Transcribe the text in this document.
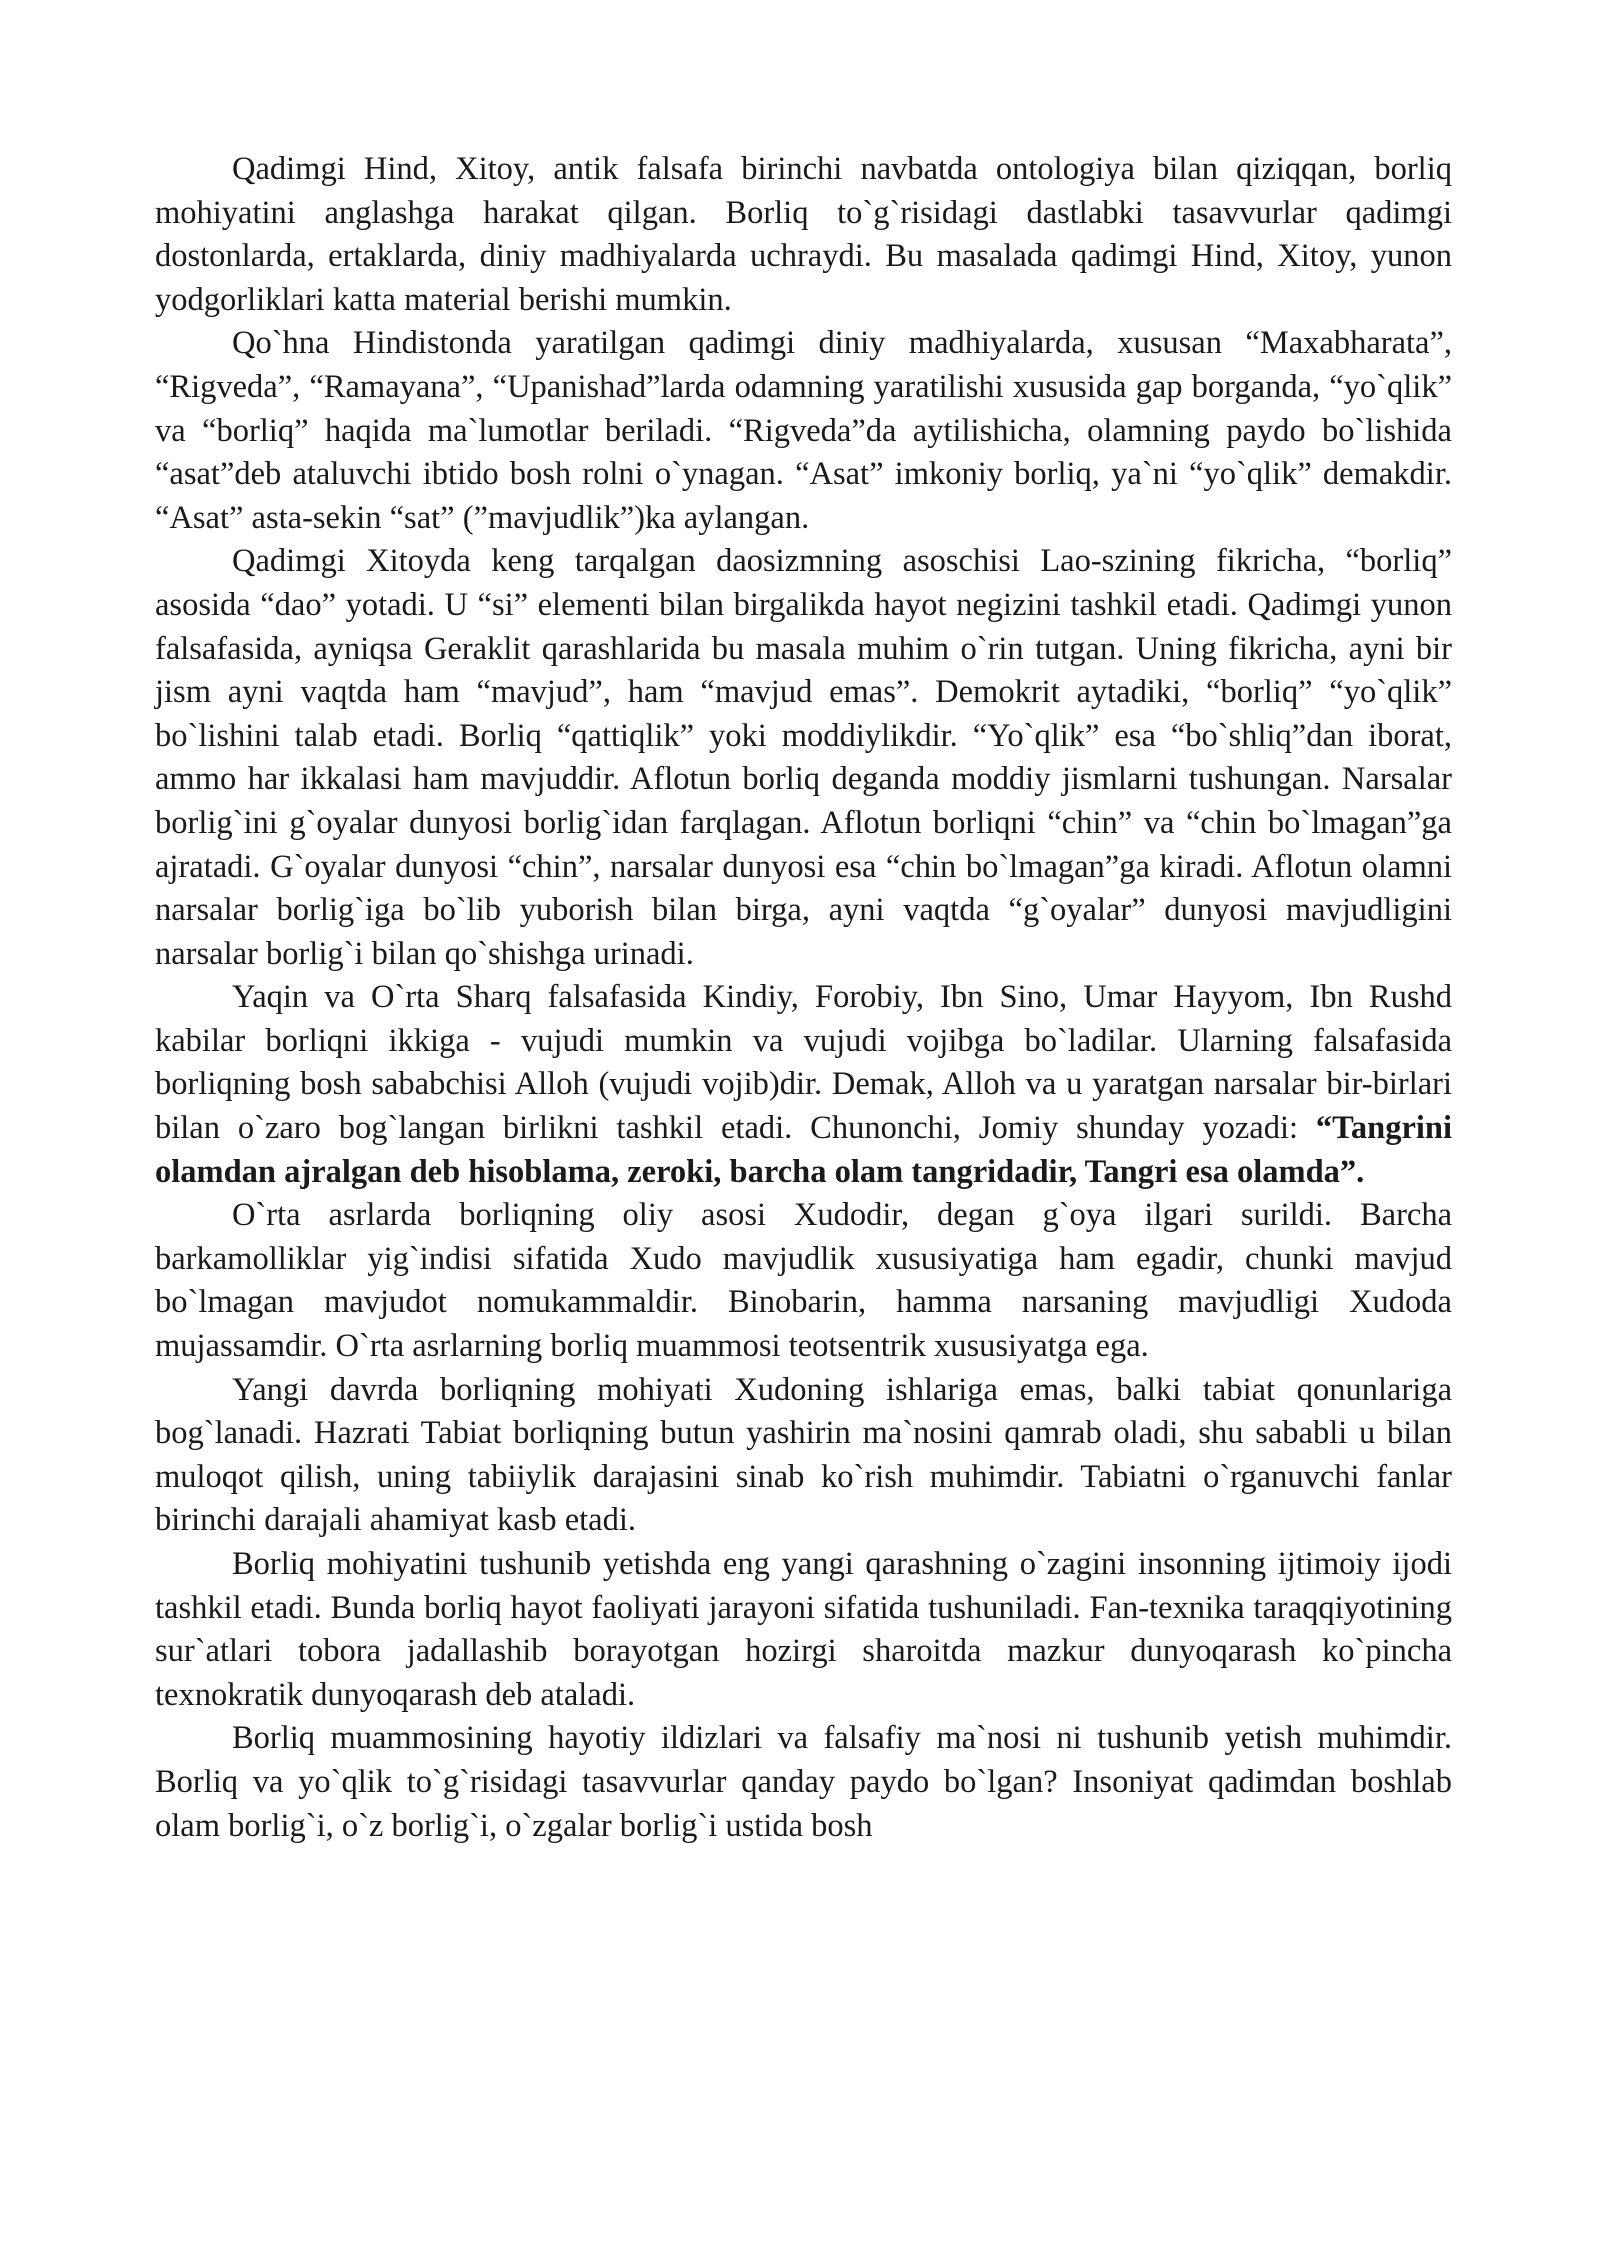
Qadimgi Hind, Xitoy, antik falsafa birinchi navbatda ontologiya bilan qiziqqan, borliq mohiyatini anglashga harakat qilgan. Borliq to`g`risidagi dastlabki tasavvurlar qadimgi dostonlarda, ertaklarda, diniy madhiyalarda uchraydi. Bu masalada qadimgi Hind, Xitoy, yunon yodgorliklari katta material berishi mumkin.

Qo`hna Hindistonda yaratilgan qadimgi diniy madhiyalarda, xususan “Maxabharata”, “Rigveda”, “Ramayana”, “Upanishad”larda odamning yaratilishi xususida gap borganda, “yo`qlik” va “borliq” haqida ma`lumotlar beriladi. “Rigveda”da aytilishicha, olamning paydo bo`lishida “asat”deb ataluvchi ibtido bosh rolni o`ynagan. “Asat” imkoniy borliq, ya`ni “yo`qlik” demakdir. “Asat” asta-sekin “sat” (”mavjudlik”)ka aylangan.

Qadimgi Xitoyda keng tarqalgan daosizmning asoschisi Lao-szining fikricha, “borliq” asosida “dao” yotadi. U “si” elementi bilan birgalikda hayot negizini tashkil etadi. Qadimgi yunon falsafasida, ayniqsa Geraklit qarashlarida bu masala muhim o`rin tutgan. Uning fikricha, ayni bir jism ayni vaqtda ham “mavjud”, ham “mavjud emas”. Demokrit aytadiki, “borliq” “yo`qlik” bo`lishini talab etadi. Borliq “qattiqlik” yoki moddiylikdir. “Yo`qlik” esa “bo`shliq”dan iborat, ammo har ikkalasi ham mavjuddir. Aflotun borliq deganda moddiy jismlarni tushungan. Narsalar borlig`ini g`oyalar dunyosi borlig`idan farqlagan. Aflotun borliqni “chin” va “chin bo`lmagan”ga ajratadi. G`oyalar dunyosi “chin”, narsalar dunyosi esa “chin bo`lmagan”ga kiradi. Aflotun olamni narsalar borlig`iga bo`lib yuborish bilan birga, ayni vaqtda “g`oyalar” dunyosi mavjudligini narsalar borlig`i bilan qo`shishga urinadi.

Yaqin va O`rta Sharq falsafasida Kindiy, Forobiy, Ibn Sino, Umar Hayyom, Ibn Rushd kabilar borliqni ikkiga - vujudi mumkin va vujudi vojibga bo`ladilar. Ularning falsafasida borliqning bosh sababchisi Alloh (vujudi vojib)dir. Demak, Alloh va u yaratgan narsalar bir-birlari bilan o`zaro bog`langan birlikni tashkil etadi. Chunonchi, Jomiy shunday yozadi: “Tangrini olamdan ajralgan deb hisoblama, zeroki, barcha olam tangridadir, Tangri esa olamda”.

O`rta asrlarda borliqning oliy asosi Xudodir, degan g`oya ilgari surildi. Barcha barkamolliklar yig`indisi sifatida Xudo mavjudlik xususiyatiga ham egadir, chunki mavjud bo`lmagan mavjudot nomukammaldir. Binobarin, hamma narsaning mavjudligi Xudoda mujassamdir. O`rta asrlarning borliq muammosi teotsentrik xususiyatga ega.

Yangi davrda borliqning mohiyati Xudoning ishlariga emas, balki tabiat qonunlariga bog`lanadi. Hazrati Tabiat borliqning butun yashirin ma`nosini qamrab oladi, shu sababli u bilan muloqot qilish, uning tabiiylik darajasini sinab ko`rish muhimdir. Tabiatni o`rganuvchi fanlar birinchi darajali ahamiyat kasb etadi.

Borliq mohiyatini tushunib yetishda eng yangi qarashning o`zagini insonning ijtimoiy ijodi tashkil etadi. Bunda borliq hayot faoliyati jarayoni sifatida tushuniladi. Fan-texnika taraqqiyotining sur`atlari tobora jadallashib borayotgan hozirgi sharoitda mazkur dunyoqarash ko`pincha texnokratik dunyoqarash deb ataladi.

Borliq muammosining hayotiy ildizlari va falsafiy ma`nosi ni tushunib yetish muhimdir. Borliq va yo`qlik to`g`risidagi tasavvurlar qanday paydo bo`lgan? Insoniyat qadimdan boshlab olam borlig`i, o`z borlig`i, o`zgalar borlig`i ustida bosh
